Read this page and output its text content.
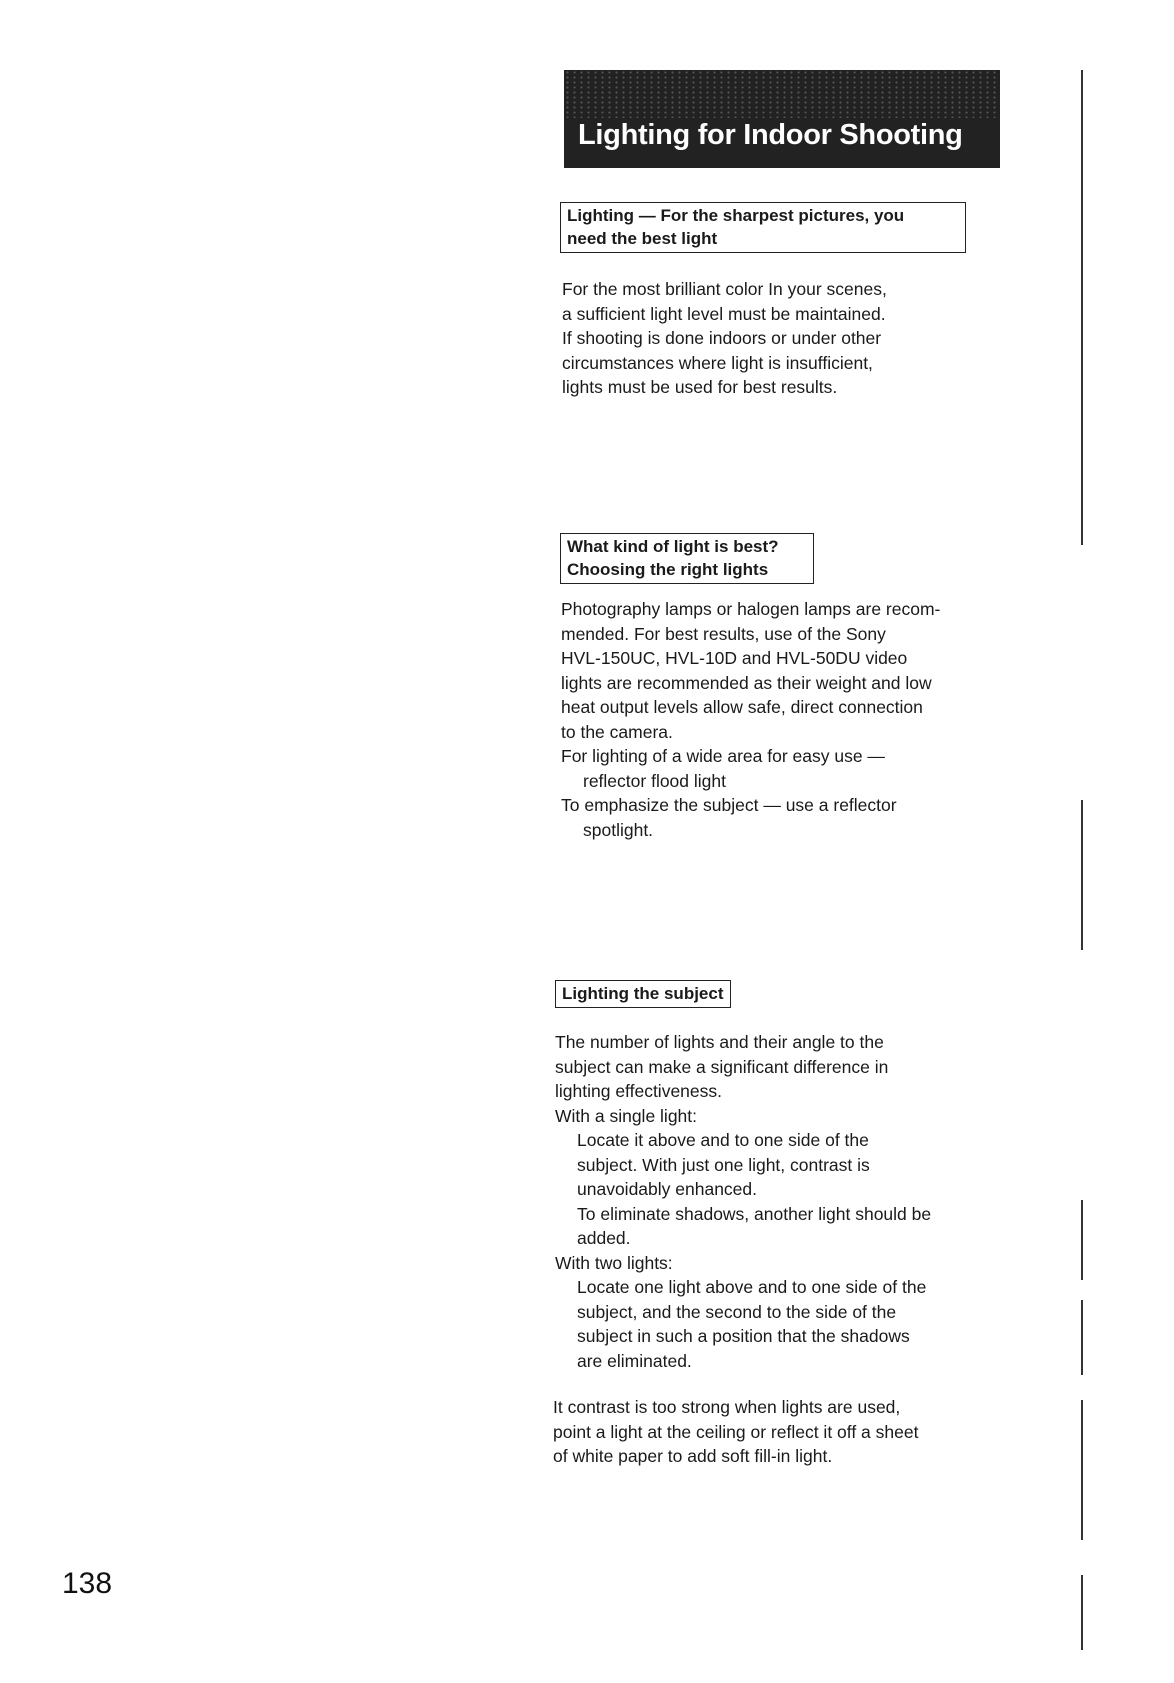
Lighting for Indoor Shooting
Lighting — For the sharpest pictures, you
need the best light

For the most brilliant color In your scenes,

a sufficient light level must be maintained.

If shooting is done indoors or under other

circumstances where light is insufficient,

lights must be used for best results.

What kind of light is best?
Choosing the right lights

Photography lamps or halogen lamps are recom-

mended. For best results, use of the Sony

HVL-150UC, HVL-10D and HVL-50DU video

lights are recommended as their weight and low

heat output levels allow safe, direct connection

to the camera.

For lighting of a wide area for easy use —

reflector flood light

To emphasize the subject — use a reflector

spotlight.

Lighting the subject

The number of lights and their angle to the

subject can make a significant difference in

lighting effectiveness.

With a single light:

Locate it above and to one side of the

subject. With just one light, contrast is

unavoidably enhanced.

To eliminate shadows, another light should be

added.

With two lights:

Locate one light above and to one side of the

subject, and the second to the side of the

subject in such a position that the shadows

are eliminated.

It contrast is too strong when lights are used,

point a light at the ceiling or reflect it off a sheet

of white paper to add soft fill-in light.

138
